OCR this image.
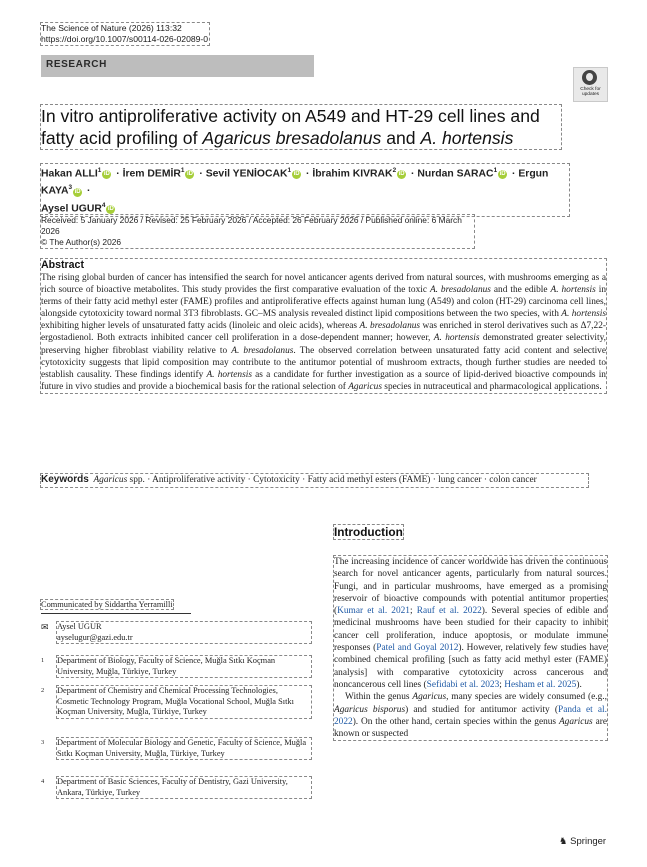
The Science of Nature (2026) 113:32
https://doi.org/10.1007/s00114-026-02089-0
RESEARCH
Check for updates
In vitro antiproliferative activity on A549 and HT-29 cell lines and fatty acid profiling of Agaricus bresadolanus and A. hortensis
Hakan $ALLI^1iD$ · İrem $DEMİR^1iD$ · Sevil $YENİOCAK^1iD$ · İbrahim $KIVRAK^2iD$ · Nurdan $SARAC^1iD$ · Ergun $KAYA^3iD$ ·
Aysel UGUR$^4$iD
Received: 5 January 2026 / Revised: 25 February 2026 / Accepted: 26 February 2026 / Published online: 6 March 2026
© The Author(s) 2026
Abstract

The rising global burden of cancer has intensified the search for novel anticancer agents derived from natural sources, with mushrooms emerging as a rich source of bioactive metabolites. This study provides the first comparative evaluation of the toxic A. bresadolanus and the edible A. hortensis in terms of their fatty acid methyl ester (FAME) profiles and antiproliferative effects against human lung (A549) and colon (HT-29) carcinoma cell lines, alongside cytotoxicity toward normal 3T3 fibroblasts. GC–MS analysis revealed distinct lipid compositions between the two species, with A. hortensis exhibiting higher levels of unsaturated fatty acids (linoleic and oleic acids), whereas A. bresadolanus was enriched in sterol derivatives such as Δ7,22-ergostadienol. Both extracts inhibited cancer cell proliferation in a dose-dependent manner; however, A. hortensis demonstrated greater selectivity, preserving higher fibroblast viability relative to A. bresadolanus. The observed correlation between unsaturated fatty acid content and selective cytotoxicity suggests that lipid composition may contribute to the antitumor potential of mushroom extracts, though further studies are needed to establish causality. These findings identify A. hortensis as a candidate for further investigation as a source of lipid-derived bioactive compounds in future in vivo studies and provide a biochemical basis for the rational selection of Agaricus species in nutraceutical and pharmacological applications.

Keywords Agaricus spp. · Antiproliferative activity · Cytotoxicity · Fatty acid methyl esters (FAME) · lung cancer · colon cancer
Introduction

The increasing incidence of cancer worldwide has driven the continuous search for novel anticancer agents, particularly from natural sources. Fungi, and in particular mushrooms, have emerged as a promising reservoir of bioactive compounds with potential antitumor properties (Kumar et al. 2021; Rauf et al. 2022). Several species of edible and medicinal mushrooms have been studied for their capacity to inhibit cancer cell proliferation, induce apoptosis, or modulate immune responses (Patel and Goyal 2012). However, relatively few studies have combined chemical profiling [such as fatty acid methyl ester (FAME) analysis] with comparative cytotoxicity across cancerous and noncancerous cell lines (Sefidabi et al. 2023; Hesham et al. 2025).

Within the genus Agaricus, many species are widely consumed (e.g., Agaricus bisporus) and studied for antitumor activity (Panda et al. 2022). On the other hand, certain species within the genus Agaricus are known or suspected

Communicated by Siddartha Yerramilli
✉ Aysel UGUR
ayselugur@gazi.edu.tr
1 Department of Biology, Faculty of Science, Muğla Sıtkı Koçman University, Muğla, Türkiye, Turkey
2 Department of Chemistry and Chemical Processing Technologies, Cosmetic Technology Program, Muğla Vocational School, Muğla Sıtkı Koçman University, Muğla, Türkiye, Turkey
3 Department of Molecular Biology and Genetic, Faculty of Science, Muğla Sıtkı Koçman University, Muğla, Türkiye, Turkey
4 Department of Basic Sciences, Faculty of Dentistry, Gazi University, Ankara, Türkiye, Turkey
♞ Springer
